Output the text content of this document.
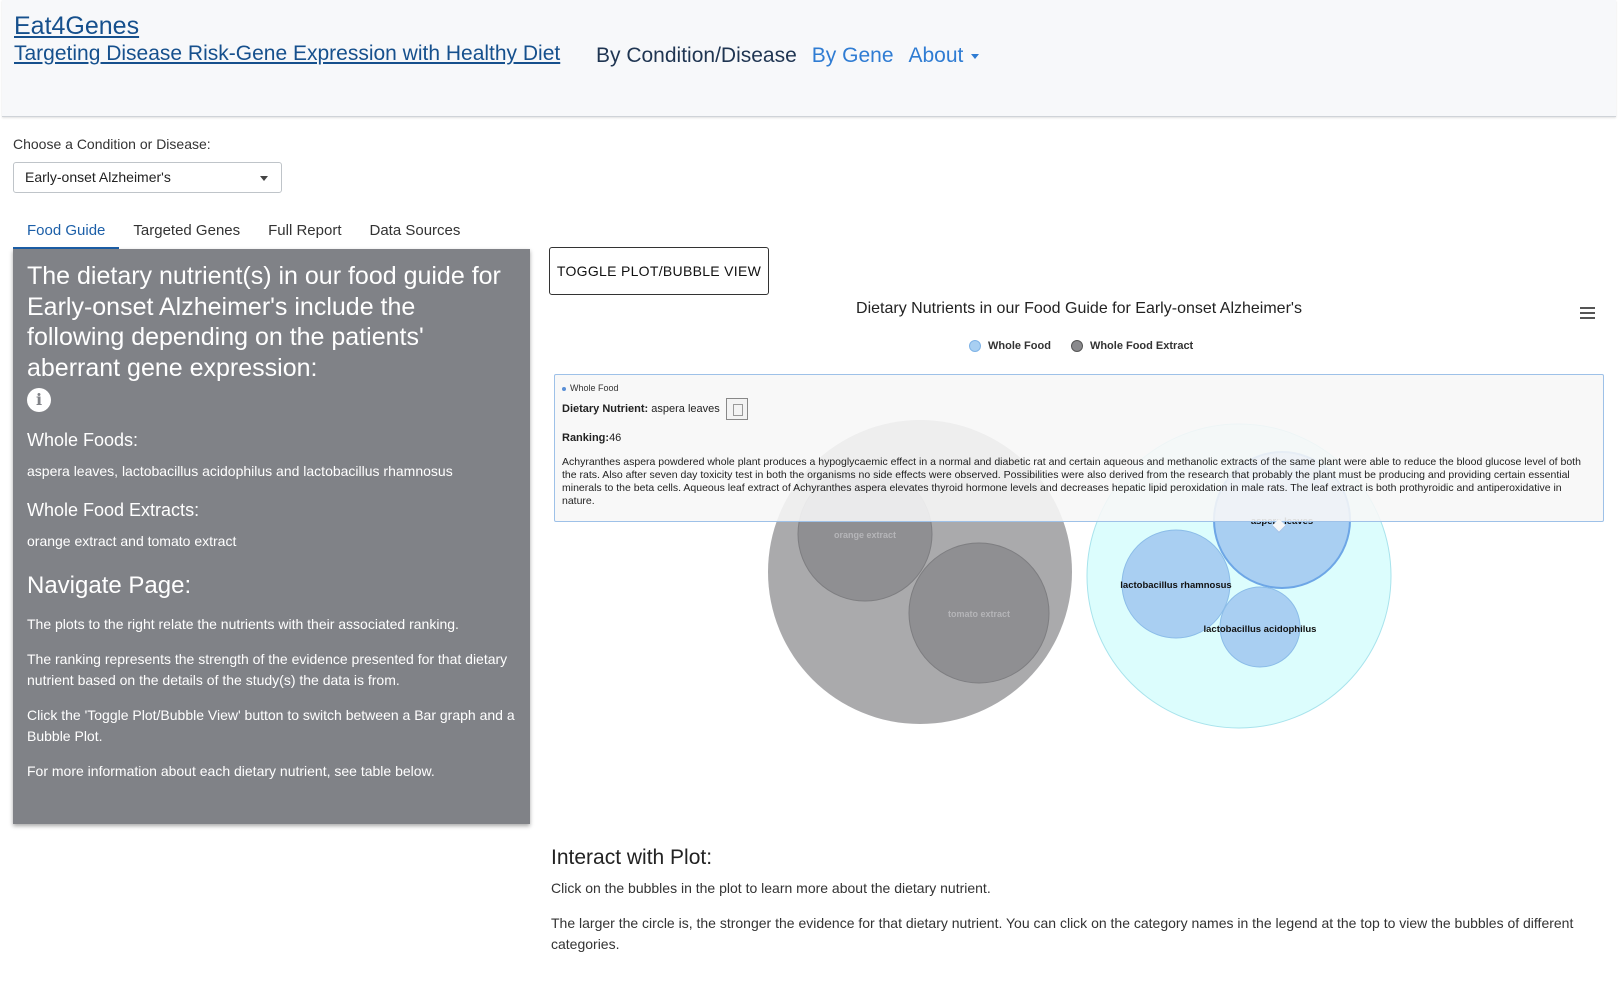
Eat4Genes
Targeting Disease Risk-Gene Expression with Healthy Diet By Condition/Disease By Gene About
Choose a Condition or Disease:
Early-onset Alzheimer's
Food Guide	Targeted Genes	Full Report	Data Sources
The dietary nutrient(s) in our food guide for Early-onset Alzheimer's include the following depending on the patients' aberrant gene expression:
i
Whole Foods:

aspera leaves, lactobacillus acidophilus and lactobacillus rhamnosus

Whole Food Extracts:

orange extract and tomato extract

Navigate Page:

The plots to the right relate the nutrients with their associated ranking.

The ranking represents the strength of the evidence presented for that dietary nutrient based on the details of the study(s) the data is from.

Click the 'Toggle Plot/Bubble View' button to switch between a Bar graph and a Bubble Plot.

For more information about each dietary nutrient, see table below.

TOGGLE PLOT/BUBBLE VIEW
Dietary Nutrients in our Food Guide for Early-onset Alzheimer's
Whole Food	Whole Food Extract
orange extract
tomato extract
lactobacillus rhamnosus
lactobacillus acidophilus
Whole Food
Dietary Nutrient: aspera leaves
Ranking:46
Achyranthes aspera powdered whole plant produces a hypoglycaemic effect in a normal and diabetic rat and certain aqueous and methanolic extracts of the same plant were able to reduce the blood glucose level of both the rats. Also after seven day toxicity test in both the organisms no side effects were observed. Possibilities were also derived from the research that probably the plant must be producing and providing certain essential minerals to the beta cells. Aqueous leaf extract of Achyranthes aspera elevates thyroid hormone levels and decreases hepatic lipid peroxidation in male rats. The leaf extract is both prothyroidic and antiperoxidative in nature.
Interact with Plot:

Click on the bubbles in the plot to learn more about the dietary nutrient.

The larger the circle is, the stronger the evidence for that dietary nutrient. You can click on the category names in the legend at the top to view the bubbles of different categories.
